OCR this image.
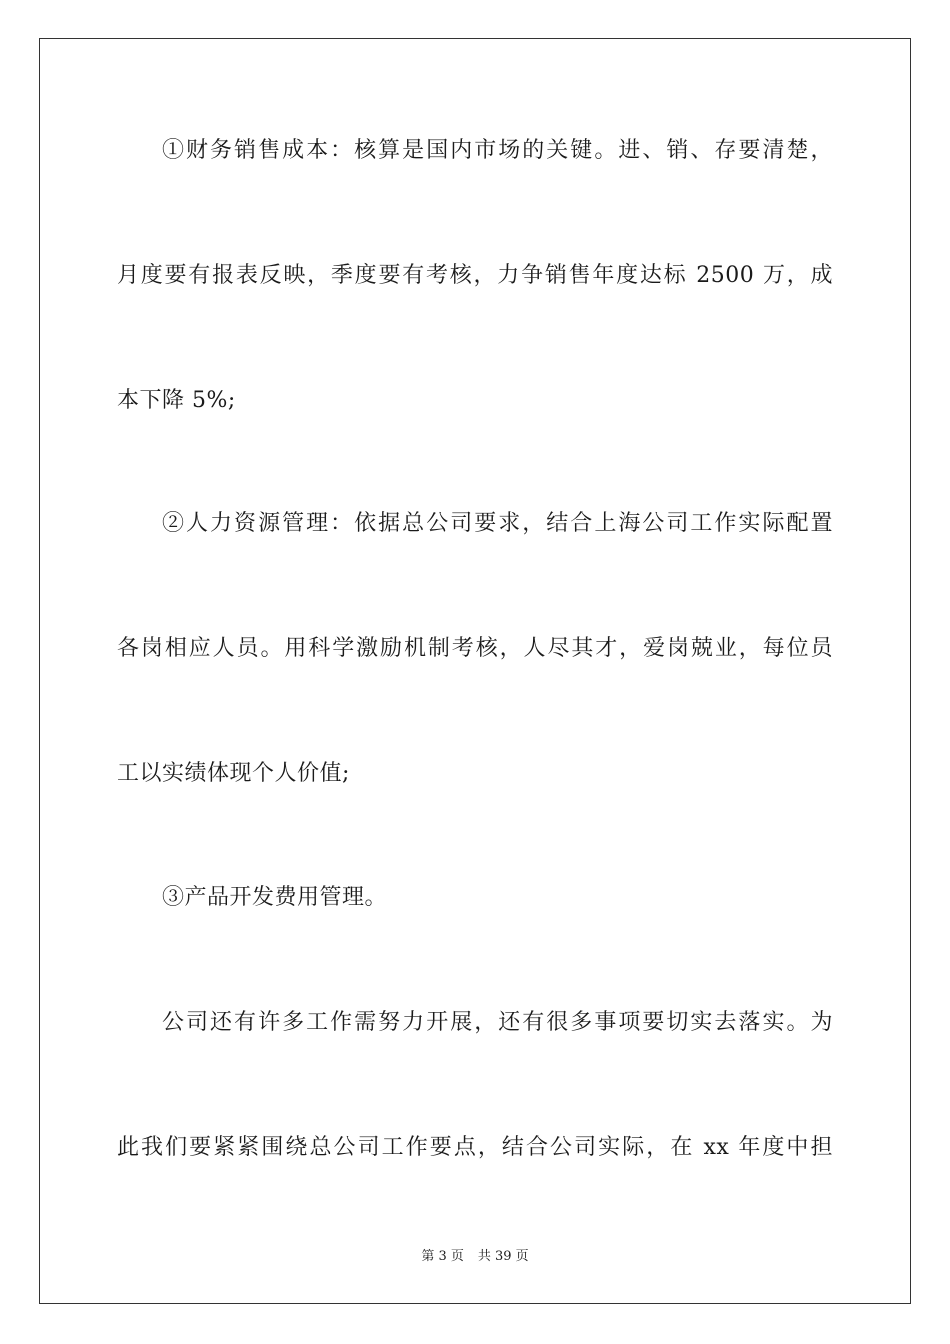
①财务销售成本：核算是国内市场的关键。进、销、存要清楚，
月度要有报表反映，季度要有考核，力争销售年度达标 2500 万，成
本下降 5%;
②人力资源管理：依据总公司要求，结合上海公司工作实际配置
各岗相应人员。用科学激励机制考核，人尽其才，爱岗兢业，每位员
工以实绩体现个人价值;
③产品开发费用管理。
公司还有许多工作需努力开展，还有很多事项要切实去落实。为
此我们要紧紧围绕总公司工作要点，结合公司实际，在 xx 年度中担
第 3 页 共 39 页
